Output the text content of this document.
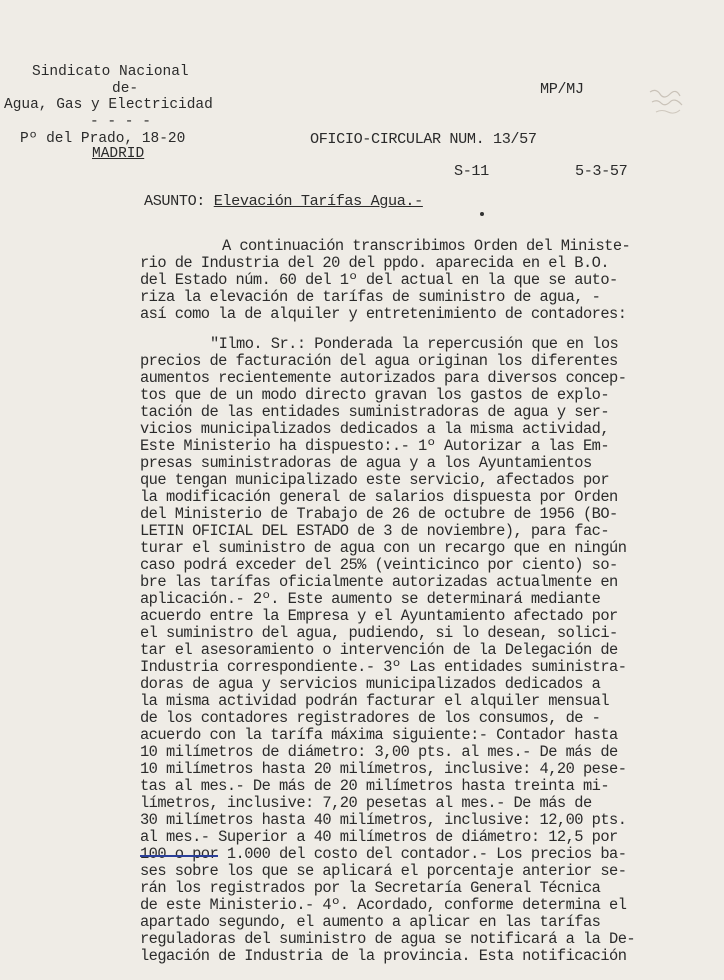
Sindicato Nacional
de-
Agua, Gas y Electricidad
- - - -
Pº del Prado, 18-20
MADRID
MP/MJ
OFICIO-CIRCULAR NUM. 13/57
S-11	5-3-57
ASUNTO: Elevación Tarífas Agua.-
A continuación transcribimos Orden del Ministe-
rio de Industria del 20 del ppdo. aparecida en el B.O.
del Estado núm. 60 del 1º del actual en la que se auto-
riza la elevación de tarífas de suministro de agua, -
así como la de alquiler y entretenimiento de contadores:
"Ilmo. Sr.: Ponderada la repercusión que en los
precios de facturación del agua originan los diferentes
aumentos recientemente autorizados para diversos concep-
tos que de un modo directo gravan los gastos de explo-
tación de las entidades suministradoras de agua y ser-
vicios municipalizados dedicados a la misma actividad,
Este Ministerio ha dispuesto:.- 1º Autorizar a las Em-
presas suministradoras de agua y a los Ayuntamientos
que tengan municipalizado este servicio, afectados por
la modificación general de salarios dispuesta por Orden
del Ministerio de Trabajo de 26 de octubre de 1956 (BO-
LETIN OFICIAL DEL ESTADO de 3 de noviembre), para fac-
turar el suministro de agua con un recargo que en ningún
caso podrá exceder del 25% (veinticinco por ciento) so-
bre las tarífas oficialmente autorizadas actualmente en
aplicación.- 2º. Este aumento se determinará mediante
acuerdo entre la Empresa y el Ayuntamiento afectado por
el suministro del agua, pudiendo, si lo desean, solici-
tar el asesoramiento o intervención de la Delegación de
Industria correspondiente.- 3º Las entidades suministra-
doras de agua y servicios municipalizados dedicados a
la misma actividad podrán facturar el alquiler mensual
de los contadores registradores de los consumos, de -
acuerdo con la tarífa máxima siguiente:- Contador hasta
10 milímetros de diámetro: 3,00 pts. al mes.- De más de
10 milímetros hasta 20 milímetros, inclusive: 4,20 pese-
tas al mes.- De más de 20 milímetros hasta treinta mi-
límetros, inclusive: 7,20 pesetas al mes.- De más de
30 milímetros hasta 40 milímetros, inclusive: 12,00 pts.
al mes.- Superior a 40 milímetros de diámetro: 12,5 por
100 o por 1.000 del costo del contador.- Los precios ba-
ses sobre los que se aplicará el porcentaje anterior se-
rán los registrados por la Secretaría General Técnica
de este Ministerio.- 4º. Acordado, conforme determina el
apartado segundo, el aumento a aplicar en las tarífas
reguladoras del suministro de agua se notificará a la De-
legación de Industria de la provincia. Esta notificación
